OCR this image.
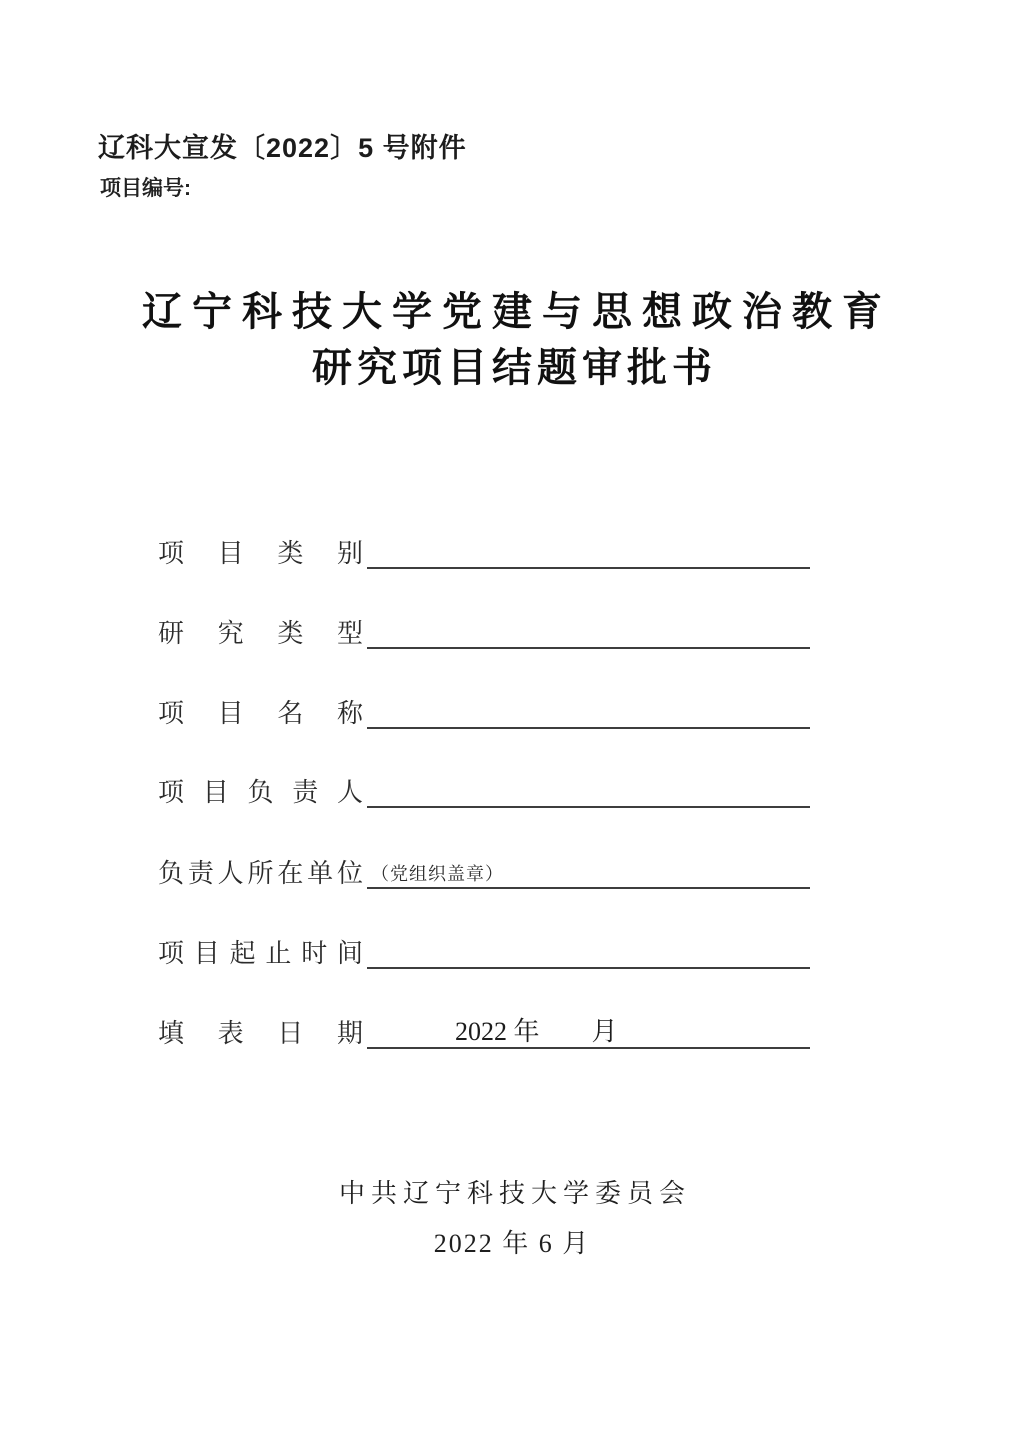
辽科大宣发〔2022〕5 号附件
项目编号:
辽宁科技大学党建与思想政治教育
研究项目结题审批书
项目类别
研究类型
项目名称
项目负责人
负责人所在单位 （党组织盖章）
项目起止时间
填表日期	2022 年　　月
中共辽宁科技大学委员会
2022 年 6 月
